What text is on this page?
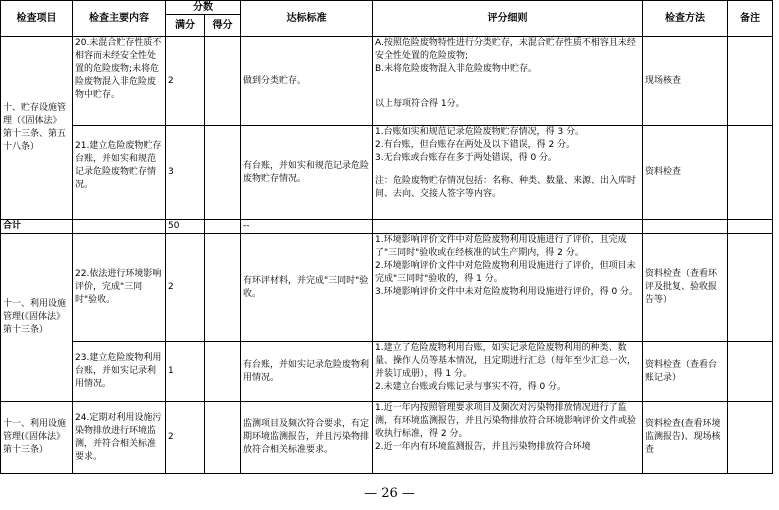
检查项目	检查主要内容	分数		达标标准	评分细则	检查方法	备注
		满分	得分				
十、贮存设施管理（《固体法》第十三条、第五十八条）	20.未混合贮存性质不相容而未经安全性处置的危险废物;未将危险废物混入非危险废物中贮存。	2		做到分类贮存。	A.按照危险废物特性进行分类贮存，未混合贮存性质不相容且未经安全性处置的危险废物;
B.未将危险废物混入非危险废物中贮存。
以上每项符合得 1分。	现场核查	
	21.建立危险废物贮存台账，并如实和规范记录危险废物贮存情况。	3		有台账，并如实和规范记录危险废物贮存情况。	1.台账如实和规范记录危险废物贮存情况，得 3 分。
2.有台账，但台账存在两处及以下错误，得 2 分。
3.无台账或台账存在多于两处错误，得 0 分。
注：危险废物贮存情况包括：名称、种类、数量、来源、出入库时间、去向、交接人签字等内容。	资料检查	
合计		50		--			
十一、利用设施管理(《固体法》第十三条）	22.依法进行环境影响评价，完成"三同时"验收。	2		有环评材料，并完成"三同时"验收。	1.环境影响评价文件中对危险废物利用设施进行了评价，且完成了"三同时"验收或在经核准的试生产期内，得 2 分。
2.环境影响评价文件中对危险废物利用设施进行了评价，但项目未完成"三同时"验收的，得 1 分。
3.环境影响评价文件中未对危险废物利用设施进行评价，得 0 分。	资料检查（查看环评及批复、验收报告等）	
	23.建立危险废物利用台账，并如实记录利用情况。	1		有台账，并如实记录危险废物利用情况。	1.建立了危险废物利用台账，如实记录危险废物利用的种类、数量、操作人员等基本情况，且定期进行汇总（每年至少汇总一次，并装订成册），得 1 分。
2.未建立台账或台账记录与事实不符，得 0 分。	资料检查（查看台账记录）	
十一、利用设施管理(《固体法》第十三条）	24.定期对利用设施污染物排放进行环境监测，并符合相关标准要求。	2		监测项目及频次符合要求，有定期环境监测报告，并且污染物排放符合相关标准要求。	1.近一年内按照管理要求项目及频次对污染物排放情况进行了监测，有环境监测报告，并且污染物排放符合环境影响评价文件或验收执行标准，得 2 分。
2.近一年内有环境监测报告，并且污染物排放符合环境	资料检查(查看环境监测报告)、现场核查	
— 26 —
